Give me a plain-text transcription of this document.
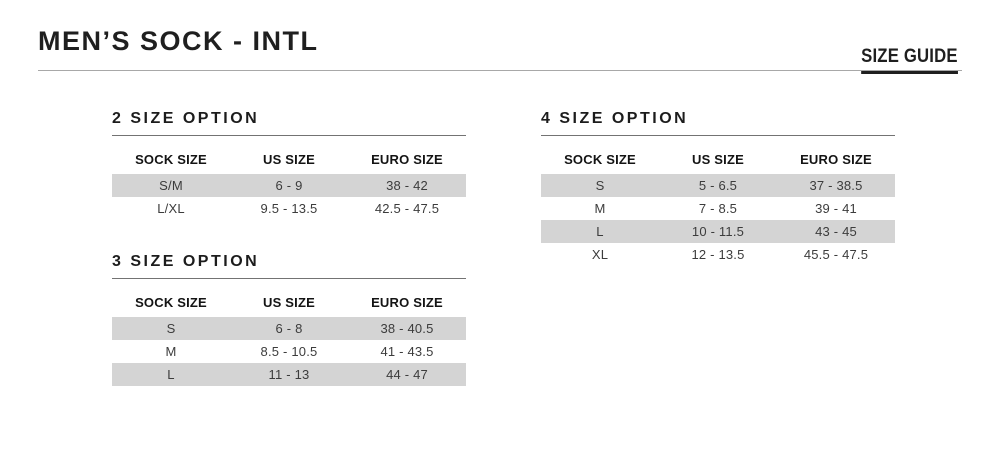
MEN’S SOCK - INTL
SIZE GUIDE
2 SIZE OPTION
SOCK SIZE	US SIZE	EURO SIZE
S/M	6 - 9	38 - 42
L/XL	9.5 - 13.5	42.5 - 47.5
3 SIZE OPTION
SOCK SIZE	US SIZE	EURO SIZE
S	6 - 8	38 - 40.5
M	8.5 - 10.5	41 - 43.5
L	11 - 13	44 - 47
4 SIZE OPTION
SOCK SIZE	US SIZE	EURO SIZE
S	5 - 6.5	37 - 38.5
M	7 - 8.5	39 - 41
L	10 - 11.5	43 - 45
XL	12 - 13.5	45.5 - 47.5
